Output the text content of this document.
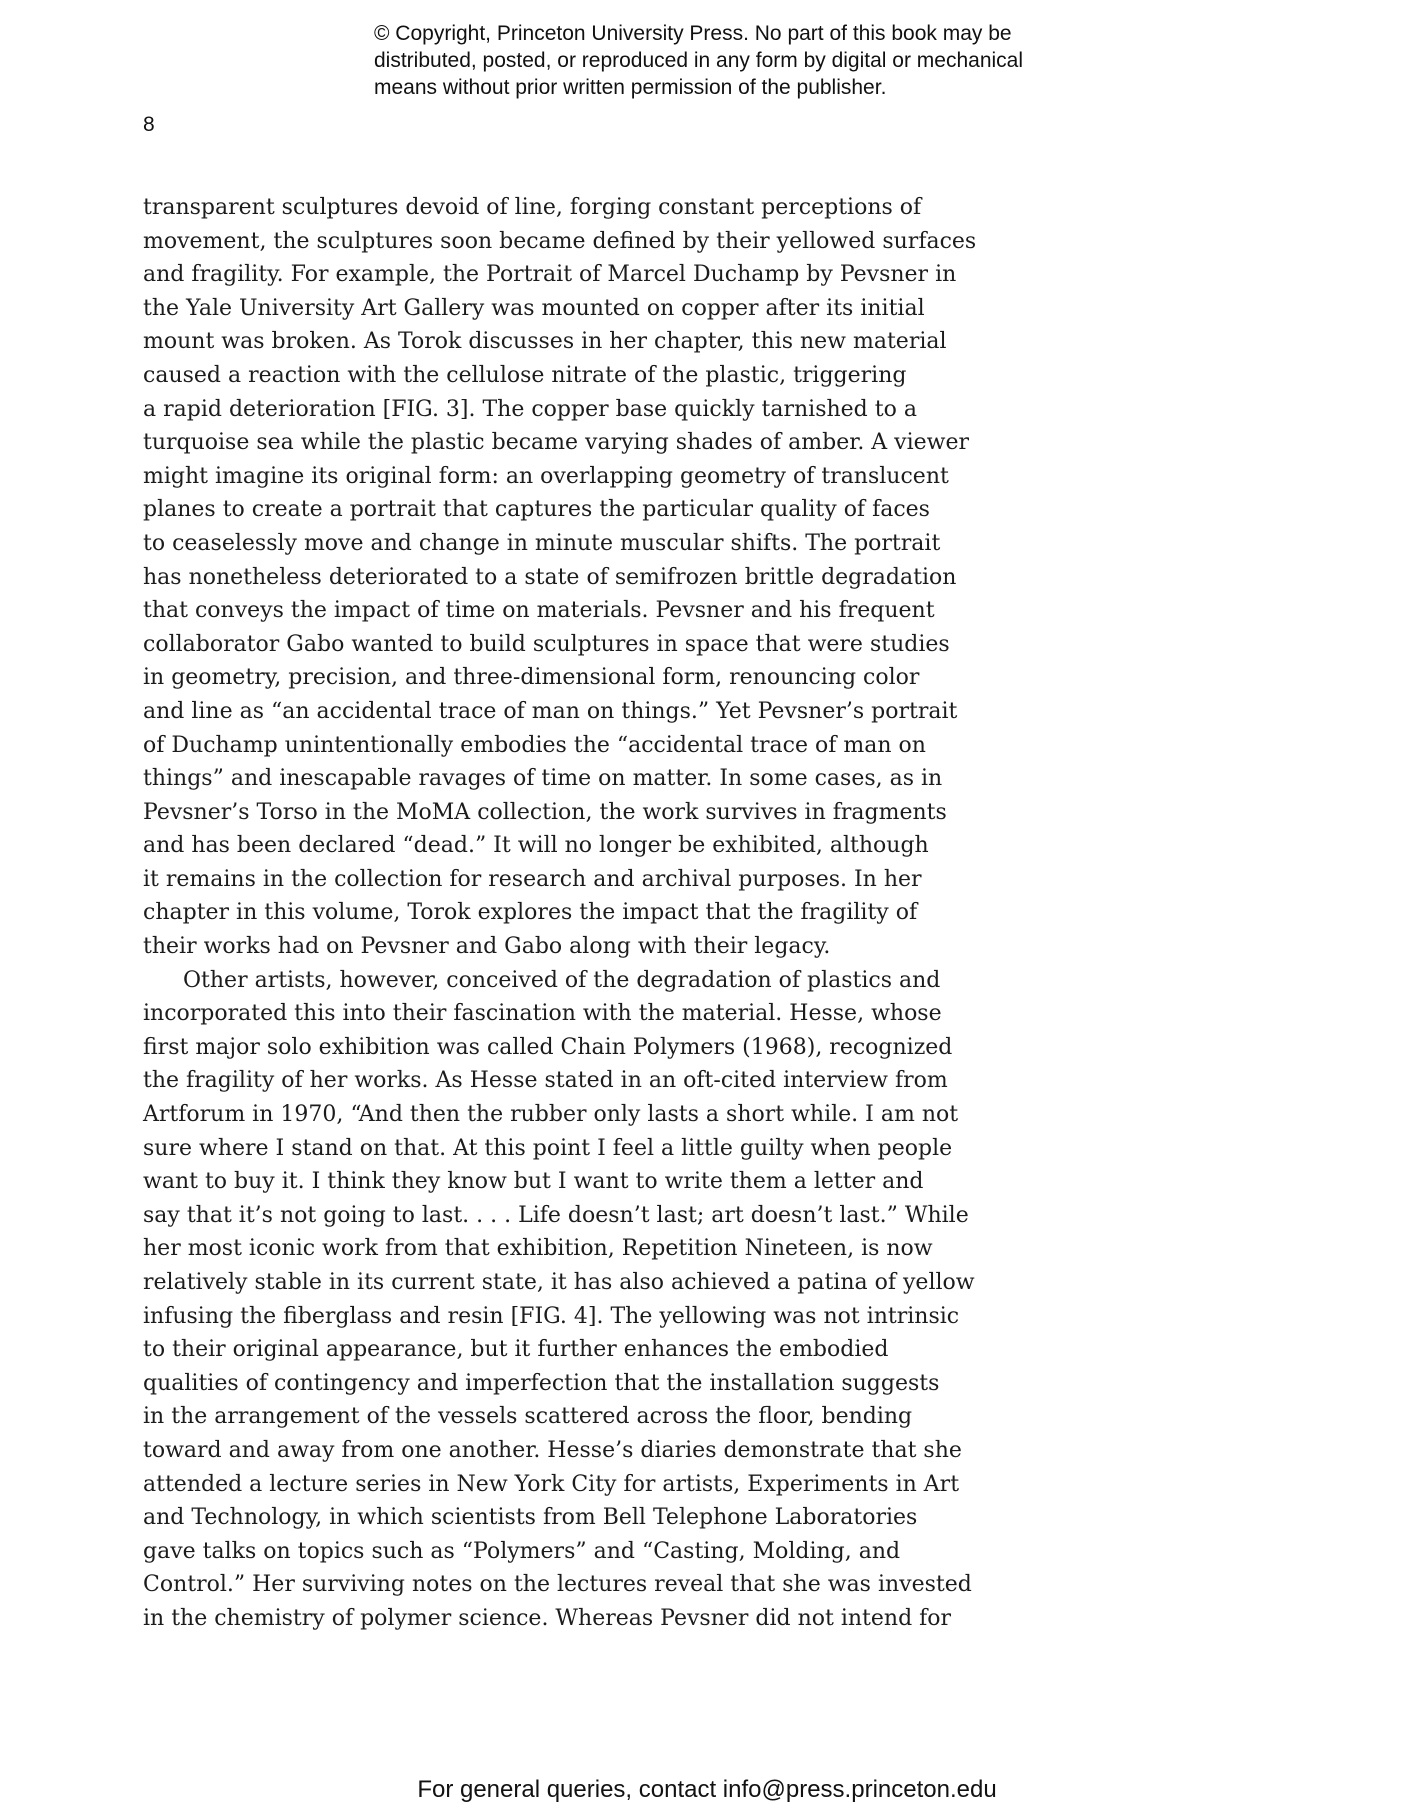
© Copyright, Princeton University Press. No part of this book may be
distributed, posted, or reproduced in any form by digital or mechanical
means without prior written permission of the publisher.
8
transparent sculptures devoid of line, forging constant perceptions of
movement, the sculptures soon became defined by their yellowed surfaces
and fragility. For example, the Portrait of Marcel Duchamp by Pevsner in
the Yale University Art Gallery was mounted on copper after its initial
mount was broken. As Torok discusses in her chapter, this new material
caused a reaction with the cellulose nitrate of the plastic, triggering
a rapid deterioration [FIG. 3]. The copper base quickly tarnished to a
turquoise sea while the plastic became varying shades of amber. A viewer
might imagine its original form: an overlapping geometry of translucent
planes to create a portrait that captures the particular quality of faces
to ceaselessly move and change in minute muscular shifts. The portrait
has nonetheless deteriorated to a state of semifrozen brittle degradation
that conveys the impact of time on materials. Pevsner and his frequent
collaborator Gabo wanted to build sculptures in space that were studies
in geometry, precision, and three-dimensional form, renouncing color
and line as “an accidental trace of man on things.” Yet Pevsner’s portrait
of Duchamp unintentionally embodies the “accidental trace of man on
things” and inescapable ravages of time on matter. In some cases, as in
Pevsner’s Torso in the MoMA collection, the work survives in fragments
and has been declared “dead.” It will no longer be exhibited, although
it remains in the collection for research and archival purposes. In her
chapter in this volume, Torok explores the impact that the fragility of
their works had on Pevsner and Gabo along with their legacy.
Other artists, however, conceived of the degradation of plastics and
incorporated this into their fascination with the material. Hesse, whose
first major solo exhibition was called Chain Polymers (1968), recognized
the fragility of her works. As Hesse stated in an oft-cited interview from
Artforum in 1970, “And then the rubber only lasts a short while. I am not
sure where I stand on that. At this point I feel a little guilty when people
want to buy it. I think they know but I want to write them a letter and
say that it’s not going to last. . . . Life doesn’t last; art doesn’t last.” While
her most iconic work from that exhibition, Repetition Nineteen, is now
relatively stable in its current state, it has also achieved a patina of yellow
infusing the fiberglass and resin [FIG. 4]. The yellowing was not intrinsic
to their original appearance, but it further enhances the embodied
qualities of contingency and imperfection that the installation suggests
in the arrangement of the vessels scattered across the floor, bending
toward and away from one another. Hesse’s diaries demonstrate that she
attended a lecture series in New York City for artists, Experiments in Art
and Technology, in which scientists from Bell Telephone Laboratories
gave talks on topics such as “Polymers” and “Casting, Molding, and
Control.” Her surviving notes on the lectures reveal that she was invested
in the chemistry of polymer science. Whereas Pevsner did not intend for
For general queries, contact info@press.princeton.edu
